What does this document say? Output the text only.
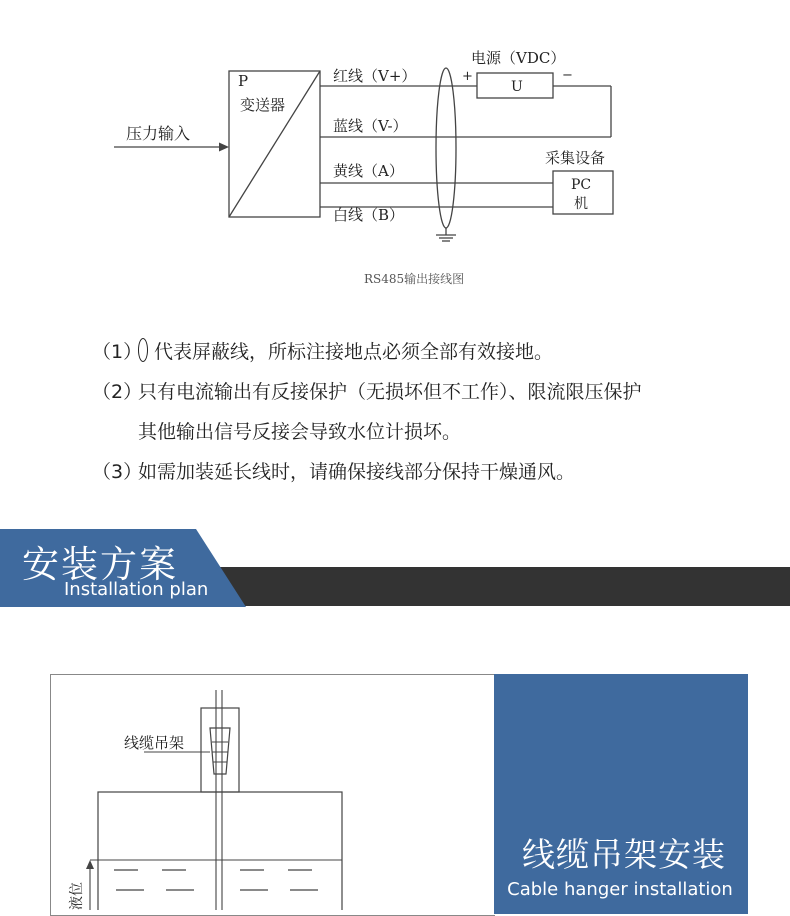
P
变送器
压力输入
红线（V+）
蓝线（V-）
黄线（A）
白线（B）
电源（VDC）
+	−
U
采集设备
PC
机
RS485输出接线图
（1） 代表屏蔽线，所标注接地点必须全部有效接地。
（2）只有电流输出有反接保护（无损坏但不工作）、限流限压保护
其他输出信号反接会导致水位计损坏。
（3）如需加装延长线时，请确保接线部分保持干燥通风。
安装方案
Installation plan
线缆吊架
液位
线缆吊架安装
Cable hanger installation
